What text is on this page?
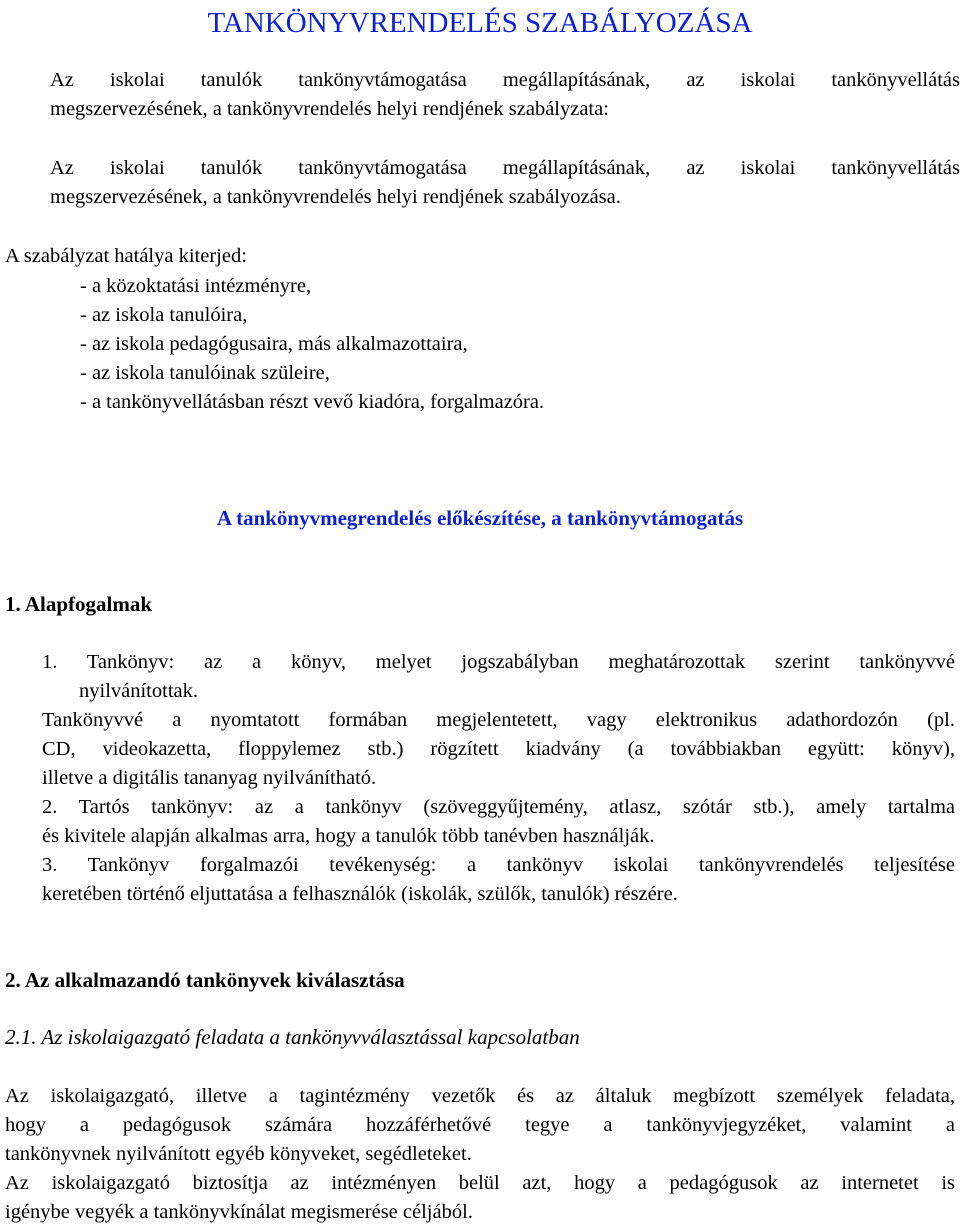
TANKÖNYVRENDELÉS SZABÁLYOZÁSA
Az iskolai tanulók tankönyvtámogatása megállapításának, az iskolai tankönyvellátás
megszervezésének, a tankönyvrendelés helyi rendjének szabályzata:
Az iskolai tanulók tankönyvtámogatása megállapításának, az iskolai tankönyvellátás
megszervezésének, a tankönyvrendelés helyi rendjének szabályozása.

A szabályzat hatálya kiterjed:

- a közoktatási intézményre,
- az iskola tanulóira,
- az iskola pedagógusaira, más alkalmazottaira,
- az iskola tanulóinak szüleire,
- a tankönyvellátásban részt vevő kiadóra, forgalmazóra.
A tankönyvmegrendelés előkészítése, a tankönyvtámogatás
1. Alapfogalmak
1. Tankönyv: az a könyv, melyet jogszabályban meghatározottak szerint tankönyvvé
nyilvánítottak.
Tankönyvvé a nyomtatott formában megjelentetett, vagy elektronikus adathordozón (pl.
CD, videokazetta, floppylemez stb.) rögzített kiadvány (a továbbiakban együtt: könyv),
illetve a digitális tananyag nyilvánítható.
2. Tartós tankönyv: az a tankönyv (szöveggyűjtemény, atlasz, szótár stb.), amely tartalma
és kivitele alapján alkalmas arra, hogy a tanulók több tanévben használják.
3. Tankönyv forgalmazói tevékenység: a tankönyv iskolai tankönyvrendelés teljesítése
keretében történő eljuttatása a felhasználók (iskolák, szülők, tanulók) részére.
2. Az alkalmazandó tankönyvek kiválasztása

2.1. Az iskolaigazgató feladata a tankönyvválasztással kapcsolatban

Az iskolaigazgató, illetve a tagintézmény vezetők és az általuk megbízott személyek feladata,
hogy a pedagógusok számára hozzáférhetővé tegye a tankönyvjegyzéket, valamint a
tankönyvnek nyilvánított egyéb könyveket, segédleteket.
Az iskolaigazgató biztosítja az intézményen belül azt, hogy a pedagógusok az internetet is
igénybe vegyék a tankönyvkínálat megismerése céljából.
